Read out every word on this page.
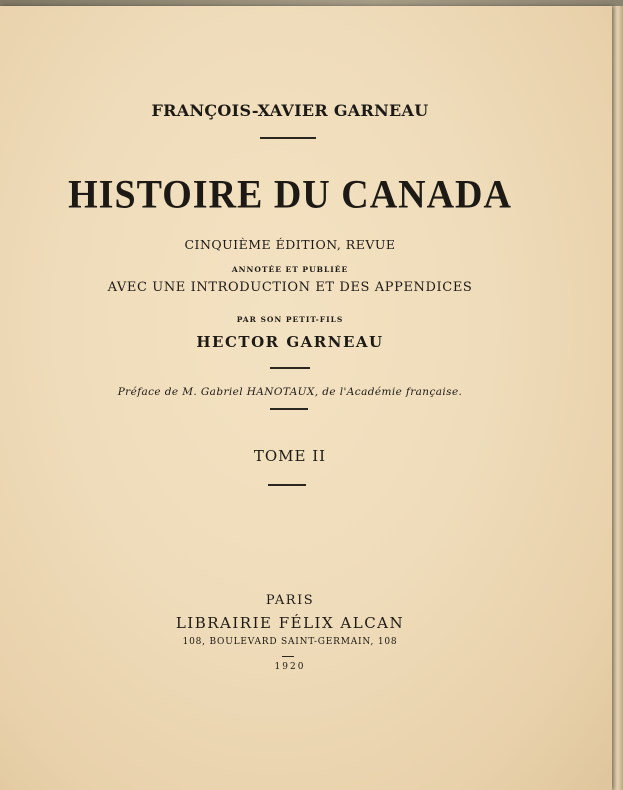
FRANÇOIS-XAVIER GARNEAU
HISTOIRE DU CANADA
CINQUIÈME ÉDITION, REVUE
ANNOTÉE ET PUBLIÉE
AVEC UNE INTRODUCTION ET DES APPENDICES
PAR SON PETIT-FILS
HECTOR GARNEAU
Préface de M. Gabriel HANOTAUX, de l'Académie française.
TOME II
PARIS
LIBRAIRIE FÉLIX ALCAN
108, BOULEVARD SAINT-GERMAIN, 108
1920
